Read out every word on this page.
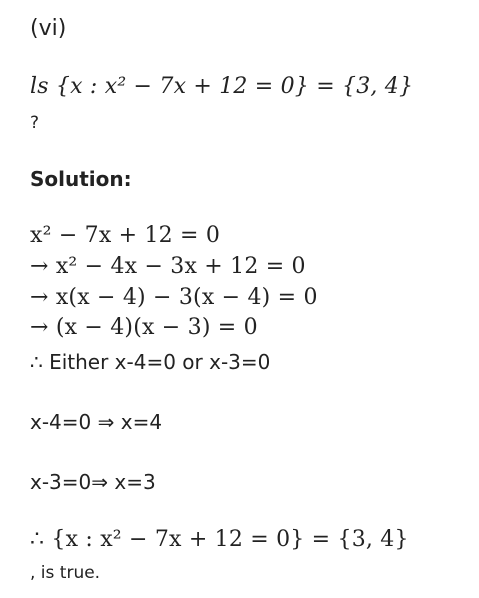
(vi)
ls {x : x² − 7x + 12 = 0} = {3, 4}
?
Solution:
x² − 7x + 12 = 0
→ x² − 4x − 3x + 12 = 0
→ x(x − 4) − 3(x − 4) = 0
→ (x − 4)(x − 3) = 0
∴ Either x-4=0 or x-3=0
x-4=0 ⇒ x=4
x-3=0⇒ x=3
∴ {x : x² − 7x + 12 = 0} = {3, 4}
, is true.
